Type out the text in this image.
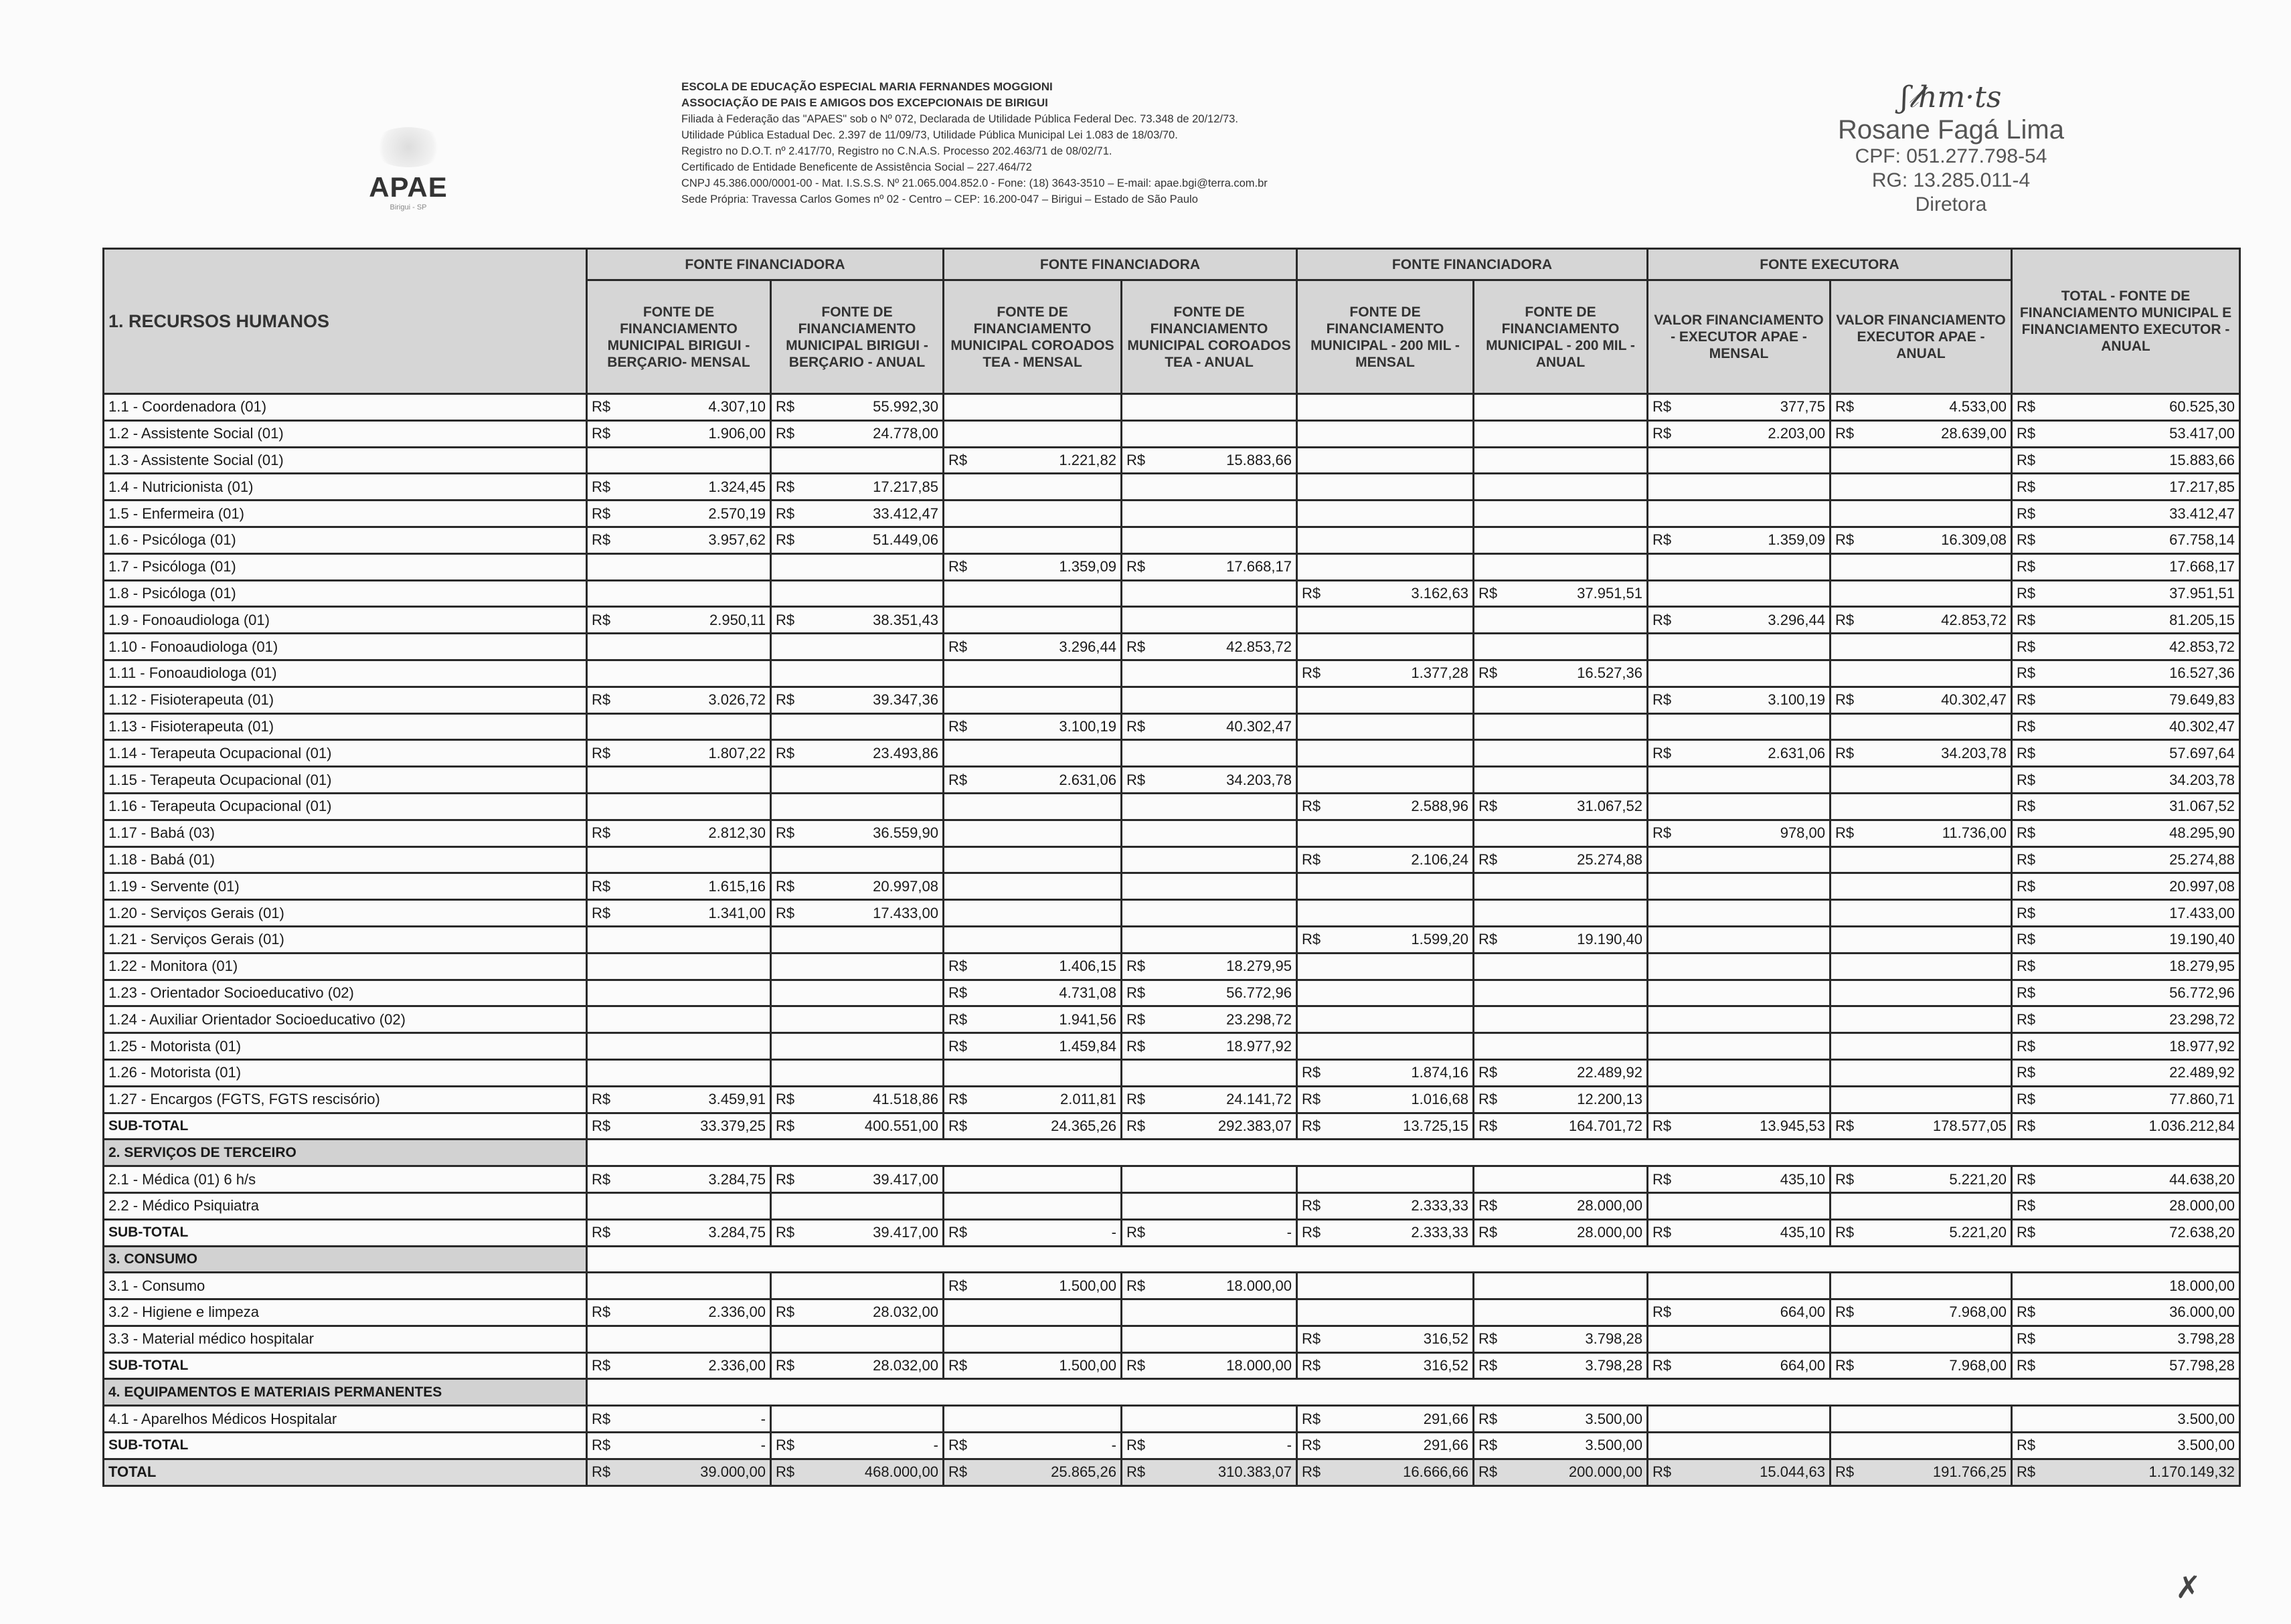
APAE
Birigui - SP
ESCOLA DE EDUCAÇÃO ESPECIAL MARIA FERNANDES MOGGIONI
ASSOCIAÇÃO DE PAIS E AMIGOS DOS EXCEPCIONAIS DE BIRIGUI
Filiada à Federação das "APAES" sob o Nº 072, Declarada de Utilidade Pública Federal Dec. 73.348 de 20/12/73.
Utilidade Pública Estadual Dec. 2.397 de 11/09/73, Utilidade Pública Municipal Lei 1.083 de 18/03/70.
Registro no D.O.T. nº 2.417/70, Registro no C.N.A.S. Processo 202.463/71 de 08/02/71.
Certificado de Entidade Beneficente de Assistência Social – 227.464/72
CNPJ 45.386.000/0001-00 - Mat. I.S.S.S. Nº 21.065.004.852.0 - Fone: (18) 3643-3510 – E-mail: apae.bgi@terra.com.br
Sede Própria: Travessa Carlos Gomes nº 02 - Centro – CEP: 16.200-047 – Birigui – Estado de São Paulo
ʃ𝓁hm·ts
Rosane Fagá Lima
CPF: 051.277.798-54
RG: 13.285.011-4
Diretora
1. RECURSOS HUMANOS	FONTE FINANCIADORA		FONTE FINANCIADORA		FONTE FINANCIADORA		FONTE EXECUTORA		TOTAL - FONTE DE FINANCIAMENTO MUNICIPAL E FINANCIAMENTO EXECUTOR - ANUAL
	FONTE DE FINANCIAMENTO MUNICIPAL BIRIGUI - BERÇARIO- MENSAL	FONTE DE FINANCIAMENTO MUNICIPAL BIRIGUI - BERÇARIO - ANUAL	FONTE DE FINANCIAMENTO MUNICIPAL COROADOS TEA - MENSAL	FONTE DE FINANCIAMENTO MUNICIPAL COROADOS TEA - ANUAL	FONTE DE FINANCIAMENTO MUNICIPAL - 200 MIL - MENSAL	FONTE DE FINANCIAMENTO MUNICIPAL - 200 MIL - ANUAL	VALOR FINANCIAMENTO - EXECUTOR APAE - MENSAL	VALOR FINANCIAMENTO EXECUTOR APAE - ANUAL	
1.1 - Coordenadora (01)	R$ 4.307,10	R$ 55.992,30					R$ 377,75	R$ 4.533,00	R$ 60.525,30
1.2 - Assistente Social (01)	R$ 1.906,00	R$ 24.778,00					R$ 2.203,00	R$ 28.639,00	R$ 53.417,00
1.3 - Assistente Social (01)			R$ 1.221,82	R$ 15.883,66					R$ 15.883,66
1.4 - Nutricionista (01)	R$ 1.324,45	R$ 17.217,85							R$ 17.217,85
1.5 - Enfermeira (01)	R$ 2.570,19	R$ 33.412,47							R$ 33.412,47
1.6 - Psicóloga (01)	R$ 3.957,62	R$ 51.449,06					R$ 1.359,09	R$ 16.309,08	R$ 67.758,14
1.7 - Psicóloga (01)			R$ 1.359,09	R$ 17.668,17					R$ 17.668,17
1.8 - Psicóloga (01)					R$ 3.162,63	R$ 37.951,51			R$ 37.951,51
1.9 - Fonoaudiologa (01)	R$ 2.950,11	R$ 38.351,43					R$ 3.296,44	R$ 42.853,72	R$ 81.205,15
1.10 - Fonoaudiologa (01)			R$ 3.296,44	R$ 42.853,72					R$ 42.853,72
1.11 - Fonoaudiologa (01)					R$ 1.377,28	R$ 16.527,36			R$ 16.527,36
1.12 - Fisioterapeuta (01)	R$ 3.026,72	R$ 39.347,36					R$ 3.100,19	R$ 40.302,47	R$ 79.649,83
1.13 - Fisioterapeuta (01)			R$ 3.100,19	R$ 40.302,47					R$ 40.302,47
1.14 - Terapeuta Ocupacional (01)	R$ 1.807,22	R$ 23.493,86					R$ 2.631,06	R$ 34.203,78	R$ 57.697,64
1.15 - Terapeuta Ocupacional (01)			R$ 2.631,06	R$ 34.203,78					R$ 34.203,78
1.16 - Terapeuta Ocupacional (01)					R$ 2.588,96	R$ 31.067,52			R$ 31.067,52
1.17 - Babá (03)	R$ 2.812,30	R$ 36.559,90					R$ 978,00	R$ 11.736,00	R$ 48.295,90
1.18 - Babá (01)					R$ 2.106,24	R$ 25.274,88			R$ 25.274,88
1.19 - Servente (01)	R$ 1.615,16	R$ 20.997,08							R$ 20.997,08
1.20 - Serviços Gerais (01)	R$ 1.341,00	R$ 17.433,00							R$ 17.433,00
1.21 - Serviços Gerais (01)					R$ 1.599,20	R$ 19.190,40			R$ 19.190,40
1.22 - Monitora (01)			R$ 1.406,15	R$ 18.279,95					R$ 18.279,95
1.23 - Orientador Socioeducativo (02)			R$ 4.731,08	R$ 56.772,96					R$ 56.772,96
1.24 - Auxiliar Orientador Socioeducativo (02)			R$ 1.941,56	R$ 23.298,72					R$ 23.298,72
1.25 - Motorista (01)			R$ 1.459,84	R$ 18.977,92					R$ 18.977,92
1.26 - Motorista (01)					R$ 1.874,16	R$ 22.489,92			R$ 22.489,92
1.27 - Encargos (FGTS, FGTS rescisório)	R$ 3.459,91	R$ 41.518,86	R$ 2.011,81	R$ 24.141,72	R$ 1.016,68	R$ 12.200,13			R$ 77.860,71
SUB-TOTAL	R$ 33.379,25	R$ 400.551,00	R$ 24.365,26	R$ 292.383,07	R$ 13.725,15	R$ 164.701,72	R$ 13.945,53	R$ 178.577,05	R$ 1.036.212,84
2. SERVIÇOS DE TERCEIRO									
2.1 - Médica (01) 6 h/s	R$ 3.284,75	R$ 39.417,00					R$ 435,10	R$ 5.221,20	R$ 44.638,20
2.2 - Médico Psiquiatra					R$ 2.333,33	R$ 28.000,00			R$ 28.000,00
SUB-TOTAL	R$ 3.284,75	R$ 39.417,00	R$ -	R$ -	R$ 2.333,33	R$ 28.000,00	R$ 435,10	R$ 5.221,20	R$ 72.638,20
3. CONSUMO									
3.1 - Consumo			R$ 1.500,00	R$ 18.000,00					18.000,00
3.2 - Higiene e limpeza	R$ 2.336,00	R$ 28.032,00					R$ 664,00	R$ 7.968,00	R$ 36.000,00
3.3 - Material médico hospitalar					R$ 316,52	R$ 3.798,28			R$ 3.798,28
SUB-TOTAL	R$ 2.336,00	R$ 28.032,00	R$ 1.500,00	R$ 18.000,00	R$ 316,52	R$ 3.798,28	R$ 664,00	R$ 7.968,00	R$ 57.798,28
4. EQUIPAMENTOS E MATERIAIS PERMANENTES									
4.1 - Aparelhos Médicos Hospitalar	R$ -				R$ 291,66	R$ 3.500,00			3.500,00
SUB-TOTAL	R$ -	R$ -	R$ -	R$ -	R$ 291,66	R$ 3.500,00			R$ 3.500,00
TOTAL	R$ 39.000,00	R$ 468.000,00	R$ 25.865,26	R$ 310.383,07	R$ 16.666,66	R$ 200.000,00	R$ 15.044,63	R$ 191.766,25	R$ 1.170.149,32
✗
